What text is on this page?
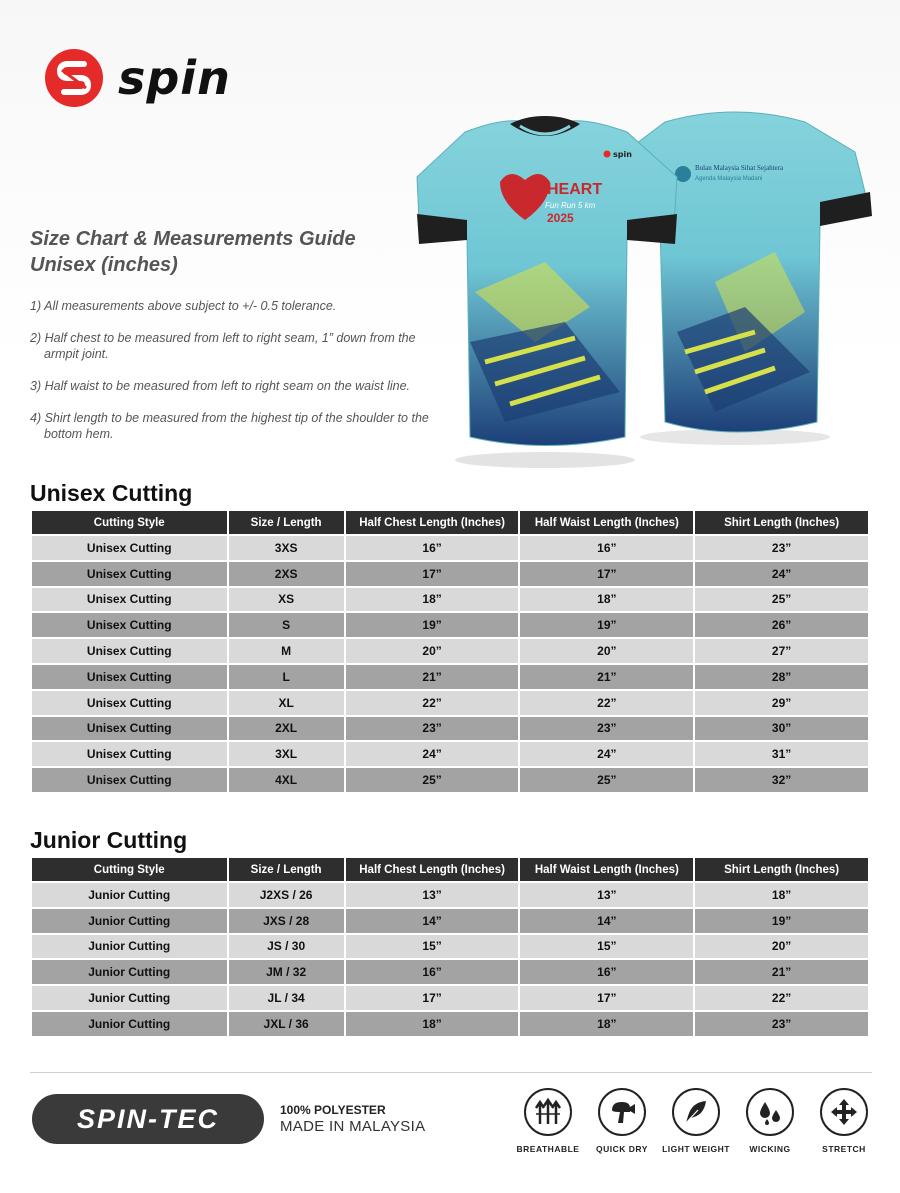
spin
Size Chart & Measurements Guide
Unisex (inches)
1) All measurements above subject to +/- 0.5 tolerance.
2) Half chest to be measured from left to right seam, 1” down from the armpit joint.
3) Half waist to be measured from left to right seam on the waist line.
4) Shirt length to be measured from the highest tip of the shoulder to the bottom hem.
Bulan Malaysia Sihat Sejahtera
Agenda Malaysia Madani
HEART
Fun Run 5 km
2025
spin
Unisex Cutting
Cutting Style	Size / Length	Half Chest Length (Inches)	Half Waist Length (Inches)	Shirt Length (Inches)
Unisex Cutting	3XS	16”	16”	23”
Unisex Cutting	2XS	17”	17”	24”
Unisex Cutting	XS	18”	18”	25”
Unisex Cutting	S	19”	19”	26”
Unisex Cutting	M	20”	20”	27”
Unisex Cutting	L	21”	21”	28”
Unisex Cutting	XL	22”	22”	29”
Unisex Cutting	2XL	23”	23”	30”
Unisex Cutting	3XL	24”	24”	31”
Unisex Cutting	4XL	25”	25”	32”
Junior Cutting
Cutting Style	Size / Length	Half Chest Length (Inches)	Half Waist Length (Inches)	Shirt Length (Inches)
Junior Cutting	J2XS / 26	13”	13”	18”
Junior Cutting	JXS / 28	14”	14”	19”
Junior Cutting	JS / 30	15”	15”	20”
Junior Cutting	JM / 32	16”	16”	21”
Junior Cutting	JL / 34	17”	17”	22”
Junior Cutting	JXL / 36	18”	18”	23”
SPIN-TEC	100% POLYESTER
MADE IN MALAYSIA
BREATHABLE	QUICK DRY	LIGHT WEIGHT	WICKING	STRETCH
